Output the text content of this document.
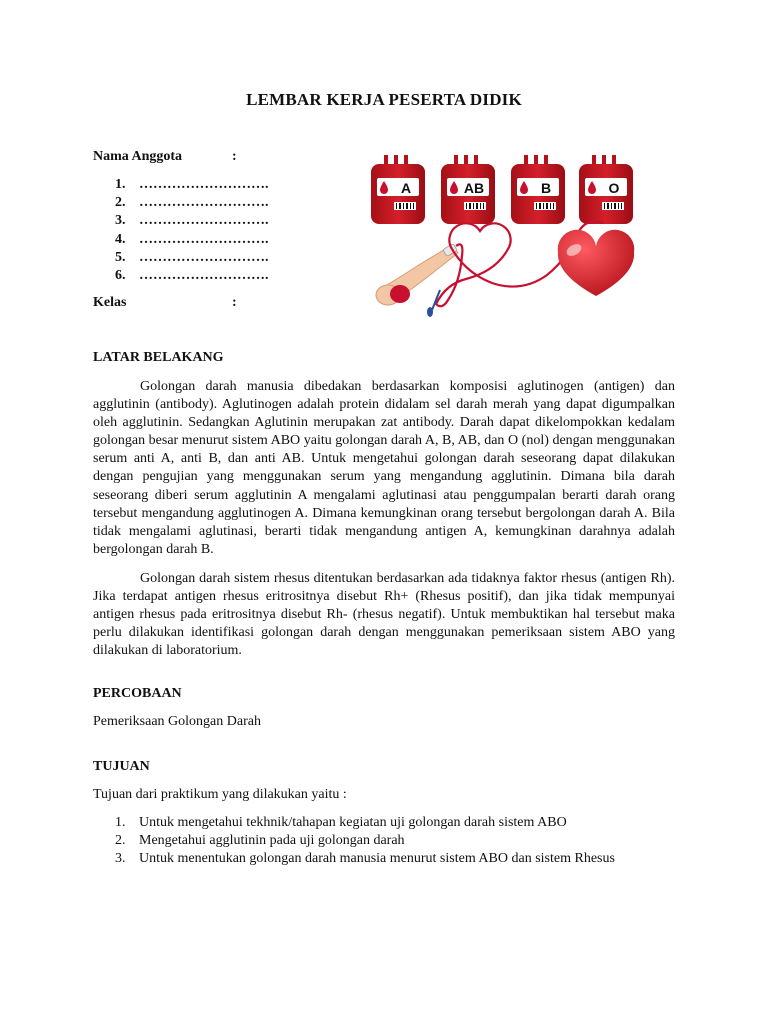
LEMBAR KERJA PESERTA DIDIK
Nama Anggota	:
1. ……………………….
2. ……………………….
3. ……………………….
4. ……………………….
5. ……………………….
6. ……………………….
Kelas	:
A	AB	B	O
LATAR BELAKANG

Golongan darah manusia dibedakan berdasarkan komposisi aglutinogen (antigen) dan agglutinin (antibody). Aglutinogen adalah protein didalam sel darah merah yang dapat digumpalkan oleh agglutinin. Sedangkan Aglutinin merupakan zat antibody. Darah dapat dikelompokkan kedalam golongan besar menurut sistem ABO yaitu golongan darah A, B, AB, dan O (nol) dengan menggunakan serum anti A, anti B, dan anti AB. Untuk mengetahui golongan darah seseorang dapat dilakukan dengan pengujian yang menggunakan serum yang mengandung agglutinin. Dimana bila darah seseorang diberi serum agglutinin A mengalami aglutinasi atau penggumpalan berarti darah orang tersebut mengandung agglutinogen A. Dimana kemungkinan orang tersebut bergolongan darah A. Bila tidak mengalami aglutinasi, berarti tidak mengandung antigen A, kemungkinan darahnya adalah bergolongan darah B.

Golongan darah sistem rhesus ditentukan berdasarkan ada tidaknya faktor rhesus (antigen Rh). Jika terdapat antigen rhesus eritrositnya disebut Rh+ (Rhesus positif), dan jika tidak mempunyai antigen rhesus pada eritrositnya disebut Rh- (rhesus negatif). Untuk membuktikan hal tersebut maka perlu dilakukan identifikasi golongan darah dengan menggunakan pemeriksaan sistem ABO yang dilakukan di laboratorium.

PERCOBAAN
Pemeriksaan Golongan Darah
TUJUAN
Tujuan dari praktikum yang dilakukan yaitu :
1. Untuk mengetahui tekhnik/tahapan kegiatan uji golongan darah sistem ABO
2. Mengetahui agglutinin pada uji golongan darah
3. Untuk menentukan golongan darah manusia menurut sistem ABO dan sistem Rhesus
